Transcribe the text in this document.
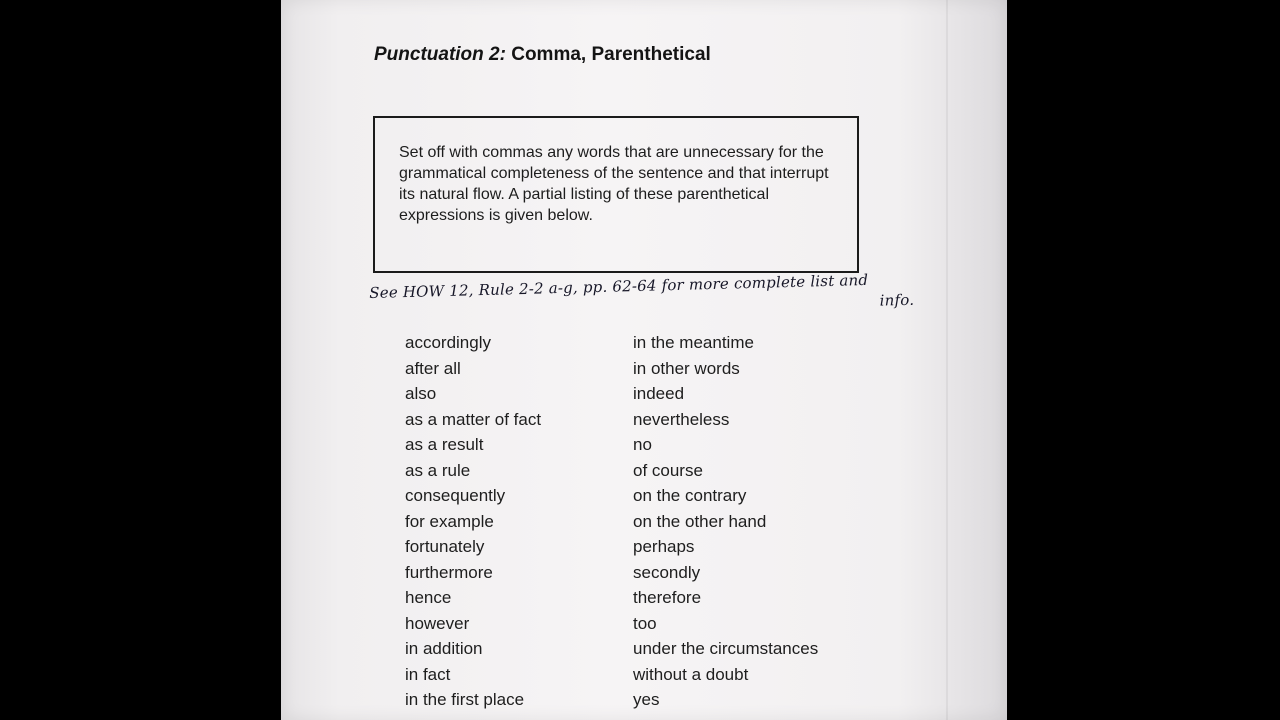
Punctuation 2: Comma, Parenthetical

Set off with commas any words that are unnecessary for the grammatical completeness of the sentence and that interrupt its natural flow. A partial listing of these parenthetical expressions is given below.

See HOW 12, Rule 2-2 a-g, pp. 62-64 for more complete list and info.
accordingly
after all
also
as a matter of fact
as a result
as a rule
consequently
for example
fortunately
furthermore
hence
however
in addition
in fact
in the first place
in the meantime
in other words
indeed
nevertheless
no
of course
on the contrary
on the other hand
perhaps
secondly
therefore
too
under the circumstances
without a doubt
yes
